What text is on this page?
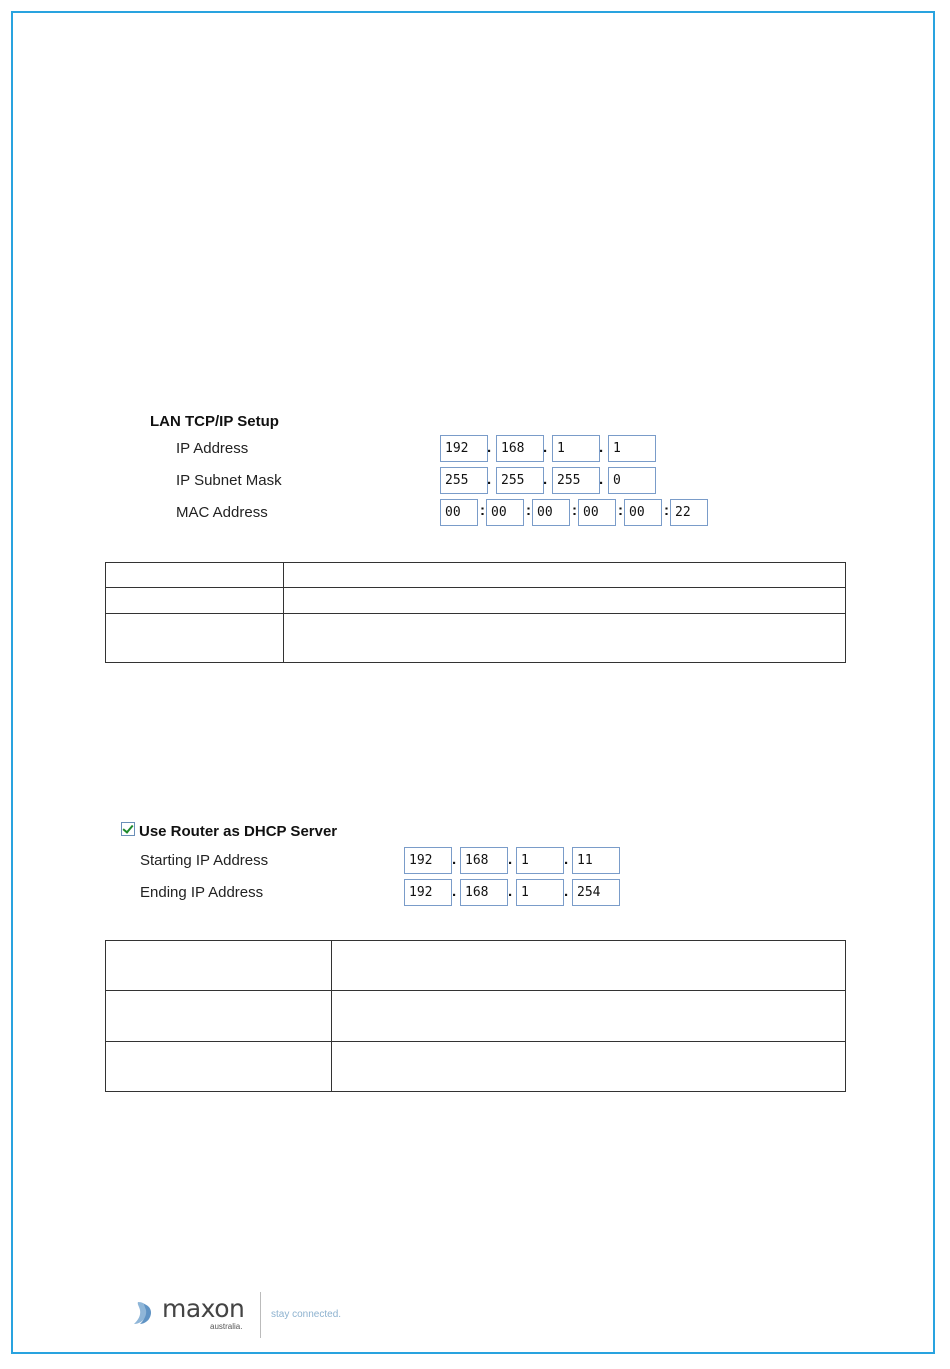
LAN TCP/IP Setup
IP Address	192	. 168	. 1	. 1
IP Subnet Mask	255	. 255	. 255	. 0
MAC Address	00	: 00	: 00	: 00	: 00	: 22

Use Router as DHCP Server
Starting IP Address	192	. 168	. 1	. 11
Ending IP Address	192	. 168	. 1	. 254

maxon
australia.
stay connected.
